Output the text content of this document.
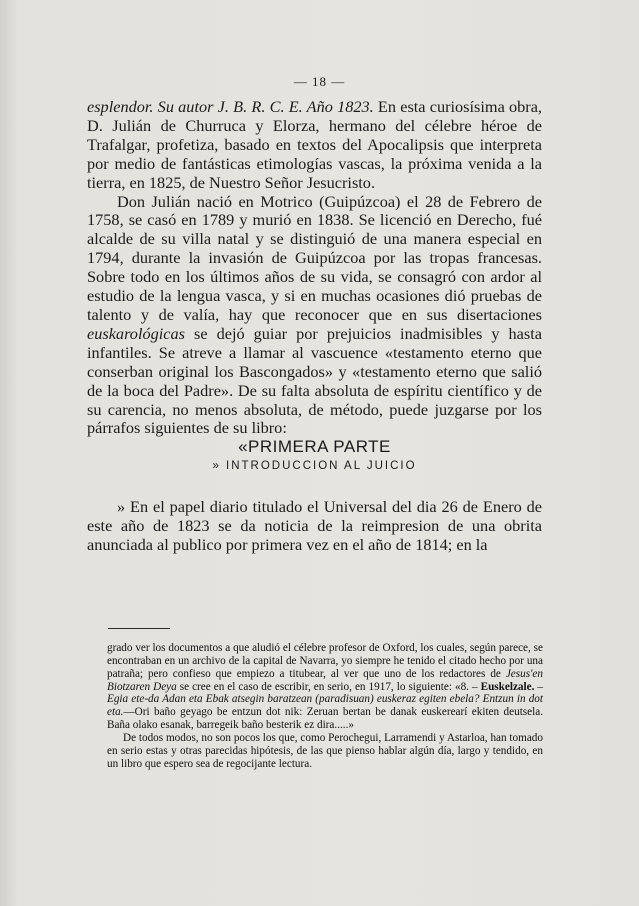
— 18 —

esplendor. Su autor J. B. R. C. E. Año 1823. En esta curiosísima obra, D. Julián de Churruca y Elorza, hermano del célebre héroe de Trafalgar, profetiza, basado en textos del Apocalipsis que interpreta por medio de fantásticas etimologías vascas, la próxima venida a la tierra, en 1825, de Nuestro Señor Jesucristo.

Don Julián nació en Motrico (Guipúzcoa) el 28 de Febrero de 1758, se casó en 1789 y murió en 1838. Se licenció en Derecho, fué alcalde de su villa natal y se distinguió de una manera especial en 1794, durante la invasión de Guipúzcoa por las tropas francesas. Sobre todo en los últimos años de su vida, se consagró con ardor al estudio de la lengua vasca, y si en muchas ocasiones dió pruebas de talento y de valía, hay que reconocer que en sus disertaciones euskarológicas se dejó guiar por prejuicios inadmisibles y hasta infantiles. Se atreve a llamar al vascuence «testamento eterno que conserban original los Bascongados» y «testamento eterno que salió de la boca del Padre». De su falta absoluta de espíritu científico y de su carencia, no menos absoluta, de método, puede juzgarse por los párrafos siguientes de su libro:

«PRIMERA PARTE

» INTRODUCCION AL JUICIO

» En el papel diario titulado el Universal del dia 26 de Enero de este año de 1823 se da noticia de la reimpresion de una obrita anunciada al publico por primera vez en el año de 1814; en la

grado ver los documentos a que aludió el célebre profesor de Oxford, los cuales, según parece, se encontraban en un archivo de la capital de Navarra, yo siempre he tenido el citado hecho por una patraña; pero confieso que empiezo a titubear, al ver que uno de los redactores de Jesus'en Biotzaren Deya se cree en el caso de escribir, en serio, en 1917, lo siguiente: «8. – Euskelzale. – Egia ete-da Adan eta Ebak atsegin baratzean (paradisuan) euskeraz egiten ebela? Entzun in dot eta.—Ori baño geyago be entzun dot nik: Zeruan bertan be danak euskerearí ekiten deutsela. Baña olako esanak, barregeik baño besterik ez dira.....»

De todos modos, no son pocos los que, como Perochegui, Larramendi y Astarloa, han tomado en serio estas y otras parecidas hipótesis, de las que pienso hablar algún día, largo y tendido, en un libro que espero sea de regocijante lectura.
